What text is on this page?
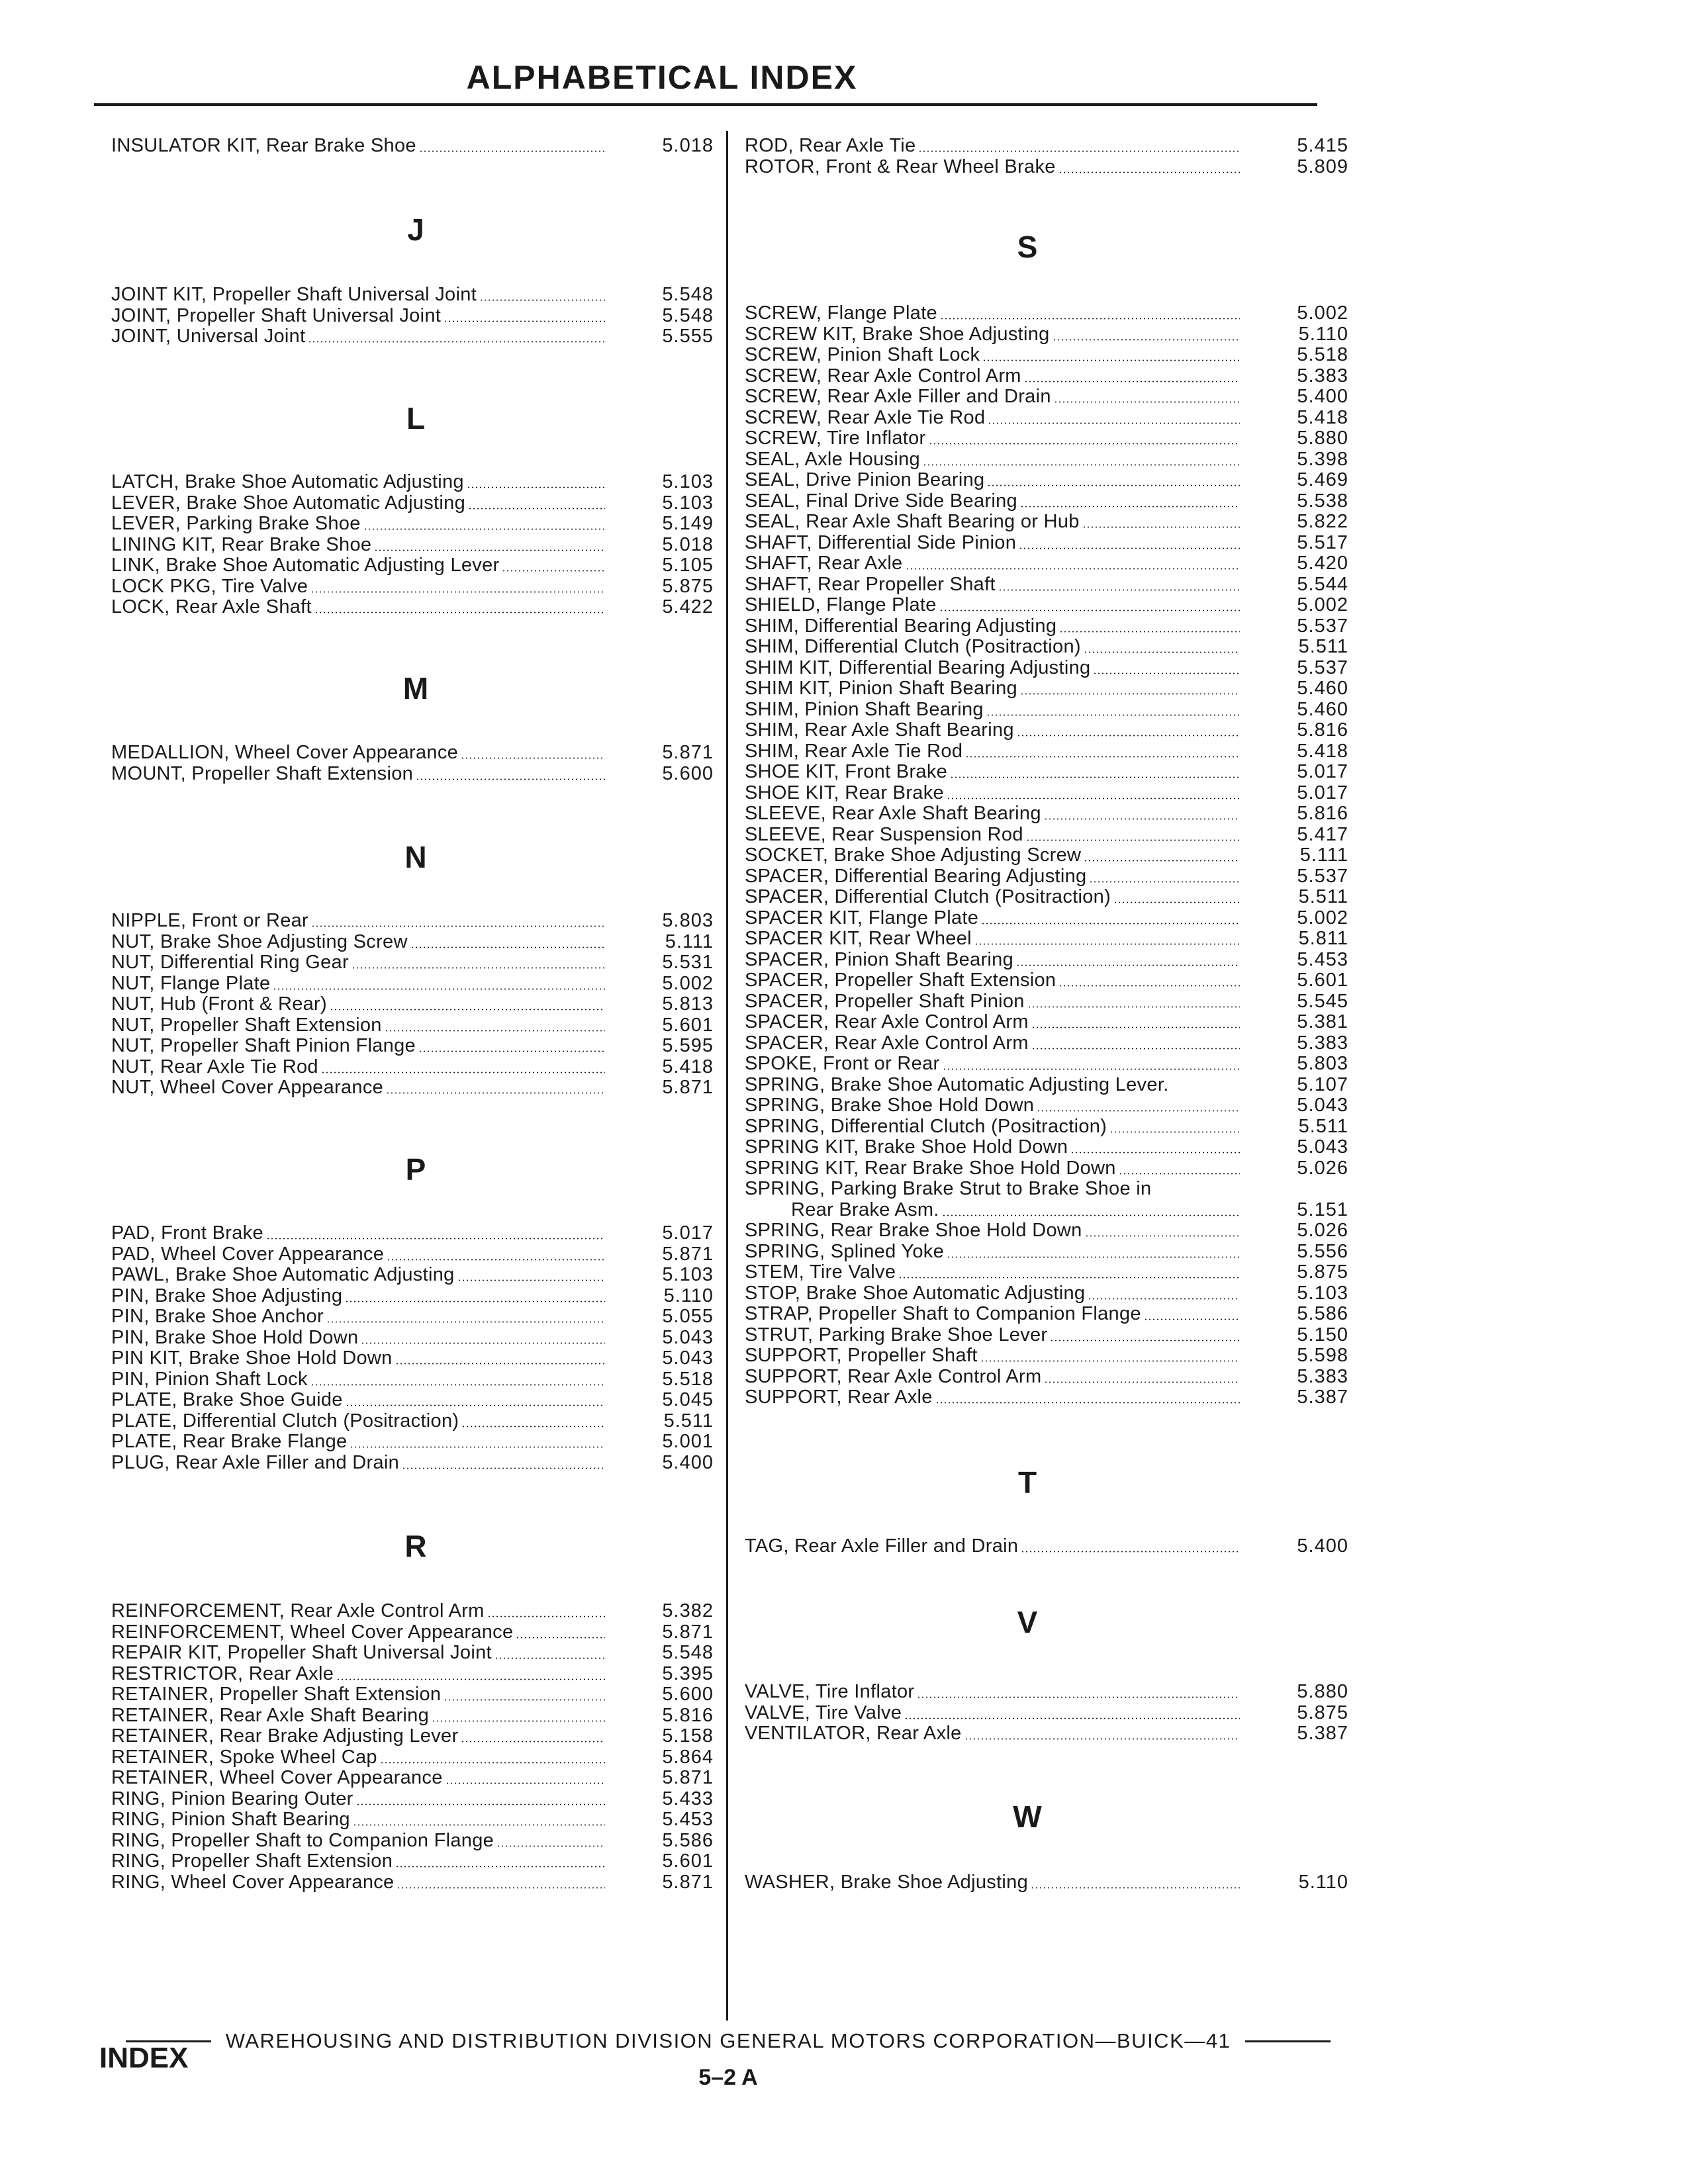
ALPHABETICAL INDEX
INSULATOR KIT, Rear Brake Shoe	5.018
J
JOINT KIT, Propeller Shaft Universal Joint	5.548
JOINT, Propeller Shaft Universal Joint	5.548
JOINT, Universal Joint	5.555
L
LATCH, Brake Shoe Automatic Adjusting	5.103
LEVER, Brake Shoe Automatic Adjusting	5.103
LEVER, Parking Brake Shoe	5.149
LINING KIT, Rear Brake Shoe	5.018
LINK, Brake Shoe Automatic Adjusting Lever	5.105
LOCK PKG, Tire Valve	5.875
LOCK, Rear Axle Shaft	5.422
M
MEDALLION, Wheel Cover Appearance	5.871
MOUNT, Propeller Shaft Extension	5.600
N
NIPPLE, Front or Rear	5.803
NUT, Brake Shoe Adjusting Screw	5.111
NUT, Differential Ring Gear	5.531
NUT, Flange Plate	5.002
NUT, Hub (Front & Rear)	5.813
NUT, Propeller Shaft Extension	5.601
NUT, Propeller Shaft Pinion Flange	5.595
NUT, Rear Axle Tie Rod	5.418
NUT, Wheel Cover Appearance	5.871
P
PAD, Front Brake	5.017
PAD, Wheel Cover Appearance	5.871
PAWL, Brake Shoe Automatic Adjusting	5.103
PIN, Brake Shoe Adjusting	5.110
PIN, Brake Shoe Anchor	5.055
PIN, Brake Shoe Hold Down	5.043
PIN KIT, Brake Shoe Hold Down	5.043
PIN, Pinion Shaft Lock	5.518
PLATE, Brake Shoe Guide	5.045
PLATE, Differential Clutch (Positraction)	5.511
PLATE, Rear Brake Flange	5.001
PLUG, Rear Axle Filler and Drain	5.400
R
REINFORCEMENT, Rear Axle Control Arm	5.382
REINFORCEMENT, Wheel Cover Appearance	5.871
REPAIR KIT, Propeller Shaft Universal Joint	5.548
RESTRICTOR, Rear Axle	5.395
RETAINER, Propeller Shaft Extension	5.600
RETAINER, Rear Axle Shaft Bearing	5.816
RETAINER, Rear Brake Adjusting Lever	5.158
RETAINER, Spoke Wheel Cap	5.864
RETAINER, Wheel Cover Appearance	5.871
RING, Pinion Bearing Outer	5.433
RING, Pinion Shaft Bearing	5.453
RING, Propeller Shaft to Companion Flange	5.586
RING, Propeller Shaft Extension	5.601
RING, Wheel Cover Appearance	5.871
ROD, Rear Axle Tie	5.415
ROTOR, Front & Rear Wheel Brake	5.809
S
SCREW, Flange Plate	5.002
SCREW KIT, Brake Shoe Adjusting	5.110
SCREW, Pinion Shaft Lock	5.518
SCREW, Rear Axle Control Arm	5.383
SCREW, Rear Axle Filler and Drain	5.400
SCREW, Rear Axle Tie Rod	5.418
SCREW, Tire Inflator	5.880
SEAL, Axle Housing	5.398
SEAL, Drive Pinion Bearing	5.469
SEAL, Final Drive Side Bearing	5.538
SEAL, Rear Axle Shaft Bearing or Hub	5.822
SHAFT, Differential Side Pinion	5.517
SHAFT, Rear Axle	5.420
SHAFT, Rear Propeller Shaft	5.544
SHIELD, Flange Plate	5.002
SHIM, Differential Bearing Adjusting	5.537
SHIM, Differential Clutch (Positraction)	5.511
SHIM KIT, Differential Bearing Adjusting	5.537
SHIM KIT, Pinion Shaft Bearing	5.460
SHIM, Pinion Shaft Bearing	5.460
SHIM, Rear Axle Shaft Bearing	5.816
SHIM, Rear Axle Tie Rod	5.418
SHOE KIT, Front Brake	5.017
SHOE KIT, Rear Brake	5.017
SLEEVE, Rear Axle Shaft Bearing	5.816
SLEEVE, Rear Suspension Rod	5.417
SOCKET, Brake Shoe Adjusting Screw	5.111
SPACER, Differential Bearing Adjusting	5.537
SPACER, Differential Clutch (Positraction)	5.511
SPACER KIT, Flange Plate	5.002
SPACER KIT, Rear Wheel	5.811
SPACER, Pinion Shaft Bearing	5.453
SPACER, Propeller Shaft Extension	5.601
SPACER, Propeller Shaft Pinion	5.545
SPACER, Rear Axle Control Arm	5.381
SPACER, Rear Axle Control Arm	5.383
SPOKE, Front or Rear	5.803
SPRING, Brake Shoe Automatic Adjusting Lever.	5.107
SPRING, Brake Shoe Hold Down	5.043
SPRING, Differential Clutch (Positraction)	5.511
SPRING KIT, Brake Shoe Hold Down	5.043
SPRING KIT, Rear Brake Shoe Hold Down	5.026
SPRING, Parking Brake Strut to Brake Shoe in
Rear Brake Asm.	5.151
SPRING, Rear Brake Shoe Hold Down	5.026
SPRING, Splined Yoke	5.556
STEM, Tire Valve	5.875
STOP, Brake Shoe Automatic Adjusting	5.103
STRAP, Propeller Shaft to Companion Flange	5.586
STRUT, Parking Brake Shoe Lever	5.150
SUPPORT, Propeller Shaft	5.598
SUPPORT, Rear Axle Control Arm	5.383
SUPPORT, Rear Axle	5.387
T
TAG, Rear Axle Filler and Drain	5.400
V
VALVE, Tire Inflator	5.880
VALVE, Tire Valve	5.875
VENTILATOR, Rear Axle	5.387
W
WASHER, Brake Shoe Adjusting	5.110
WAREHOUSING AND DISTRIBUTION DIVISION GENERAL MOTORS CORPORATION—BUICK—41
INDEX
5–2 A
